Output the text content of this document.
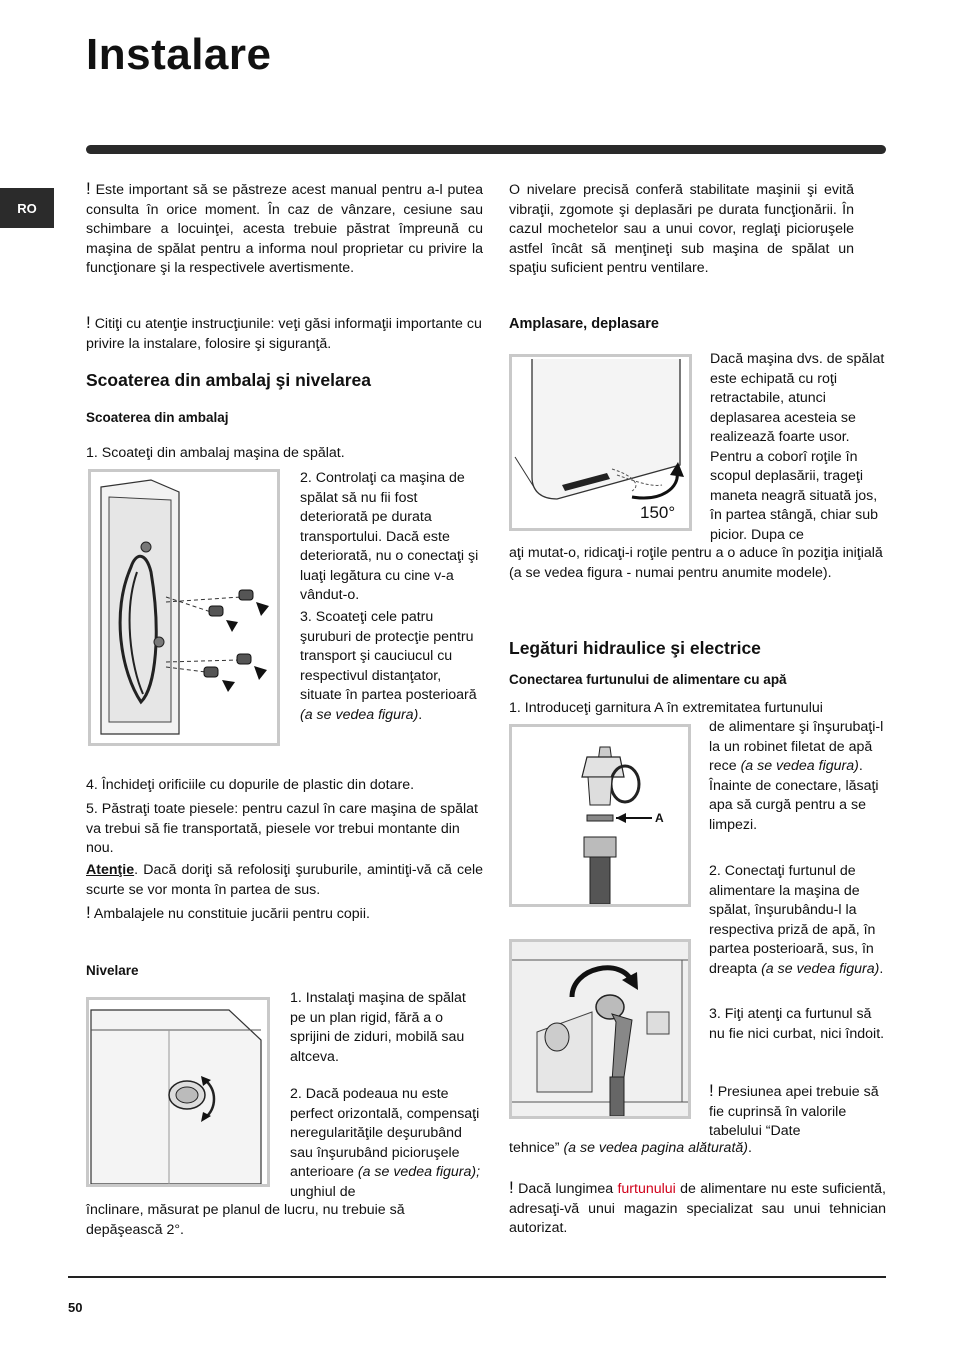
Instalare
RO
! Este important să se păstreze acest manual pentru a-l putea consulta în orice moment. În caz de vânzare, cesiune sau schimbare a locuinţei, acesta trebuie păstrat împreună cu maşina de spălat pentru a informa noul proprietar cu privire la funcţionare şi la respectivele avertismente.
! Citiţi cu atenţie instrucţiunile: veţi găsi informaţii importante cu privire la instalare, folosire şi siguranţă.
Scoaterea din ambalaj şi nivelarea
Scoaterea din ambalaj
1. Scoateţi din ambalaj maşina de spălat.
2. Controlaţi ca maşina de spălat să nu fii fost deteriorată pe durata transportului. Dacă este deteriorată, nu o conectaţi şi luaţi legătura cu cine v-a vândut-o.
3. Scoateţi cele patru şuruburi de protecţie pentru transport şi cauciucul cu respectivul distanţator, situate în partea posterioară (a se vedea figura).
4. Închideţi orificiile cu dopurile de plastic din dotare.
5. Păstraţi toate piesele: pentru cazul în care maşina de spălat va trebui să fie transportată, piesele vor trebui montante din nou.
Atenţie. Dacă doriţi să refolosiţi şuruburile, amintiţi-vă că cele scurte se vor monta în partea de sus.
! Ambalajele nu constituie jucării pentru copii.
Nivelare
1. Instalaţi maşina de spălat pe un plan rigid, fără a o sprijini de ziduri, mobilă sau altceva.
2. Dacă podeaua nu este perfect orizontală, compensaţi neregularităţile deşurubând sau înşurubând picioruşele anterioare (a se vedea figura); unghiul de
înclinare, măsurat pe planul de lucru, nu trebuie să depăşească 2°.
O nivelare precisă conferă stabilitate maşinii şi evită vibraţii, zgomote şi deplasări pe durata funcţionării. În cazul mochetelor sau a unui covor, reglaţi picioruşele astfel încât să menţineţi sub maşina de spălat un spaţiu suficient pentru ventilare.
Amplasare, deplasare
150°
Dacă maşina dvs. de spălat este echipată cu roţi retractabile, atunci deplasarea acesteia se realizează foarte usor. Pentru a coborî roţile în scopul deplasării, trageţi maneta neagră situată jos, în partea stângă, chiar sub picior. Dupa ce
aţi mutat-o, ridicaţi-i roţile pentru a o aduce în poziţia iniţială (a se vedea figura - numai pentru anumite modele).
Legături hidraulice şi electrice
Conectarea furtunului de alimentare cu apă
1. Introduceţi garnitura A în extremitatea furtunului
A
de alimentare şi înşurubaţi-l la un robinet filetat de apă rece (a se vedea figura).
Înainte de conectare, lăsaţi apa să curgă pentru a se limpezi.
2. Conectaţi furtunul de alimentare la maşina de spălat, înşurubându-l la respectiva priză de apă, în partea posterioară, sus, în dreapta (a se vedea figura).
3. Fiţi atenţi ca furtunul să nu fie nici curbat, nici îndoit.
! Presiunea apei trebuie să fie cuprinsă în valorile tabelului “Date
tehnice” (a se vedea pagina alăturată).
! Dacă lungimea furtunului de alimentare nu este suficientă, adresaţi-vă unui magazin specializat sau unui tehnician autorizat.
50
